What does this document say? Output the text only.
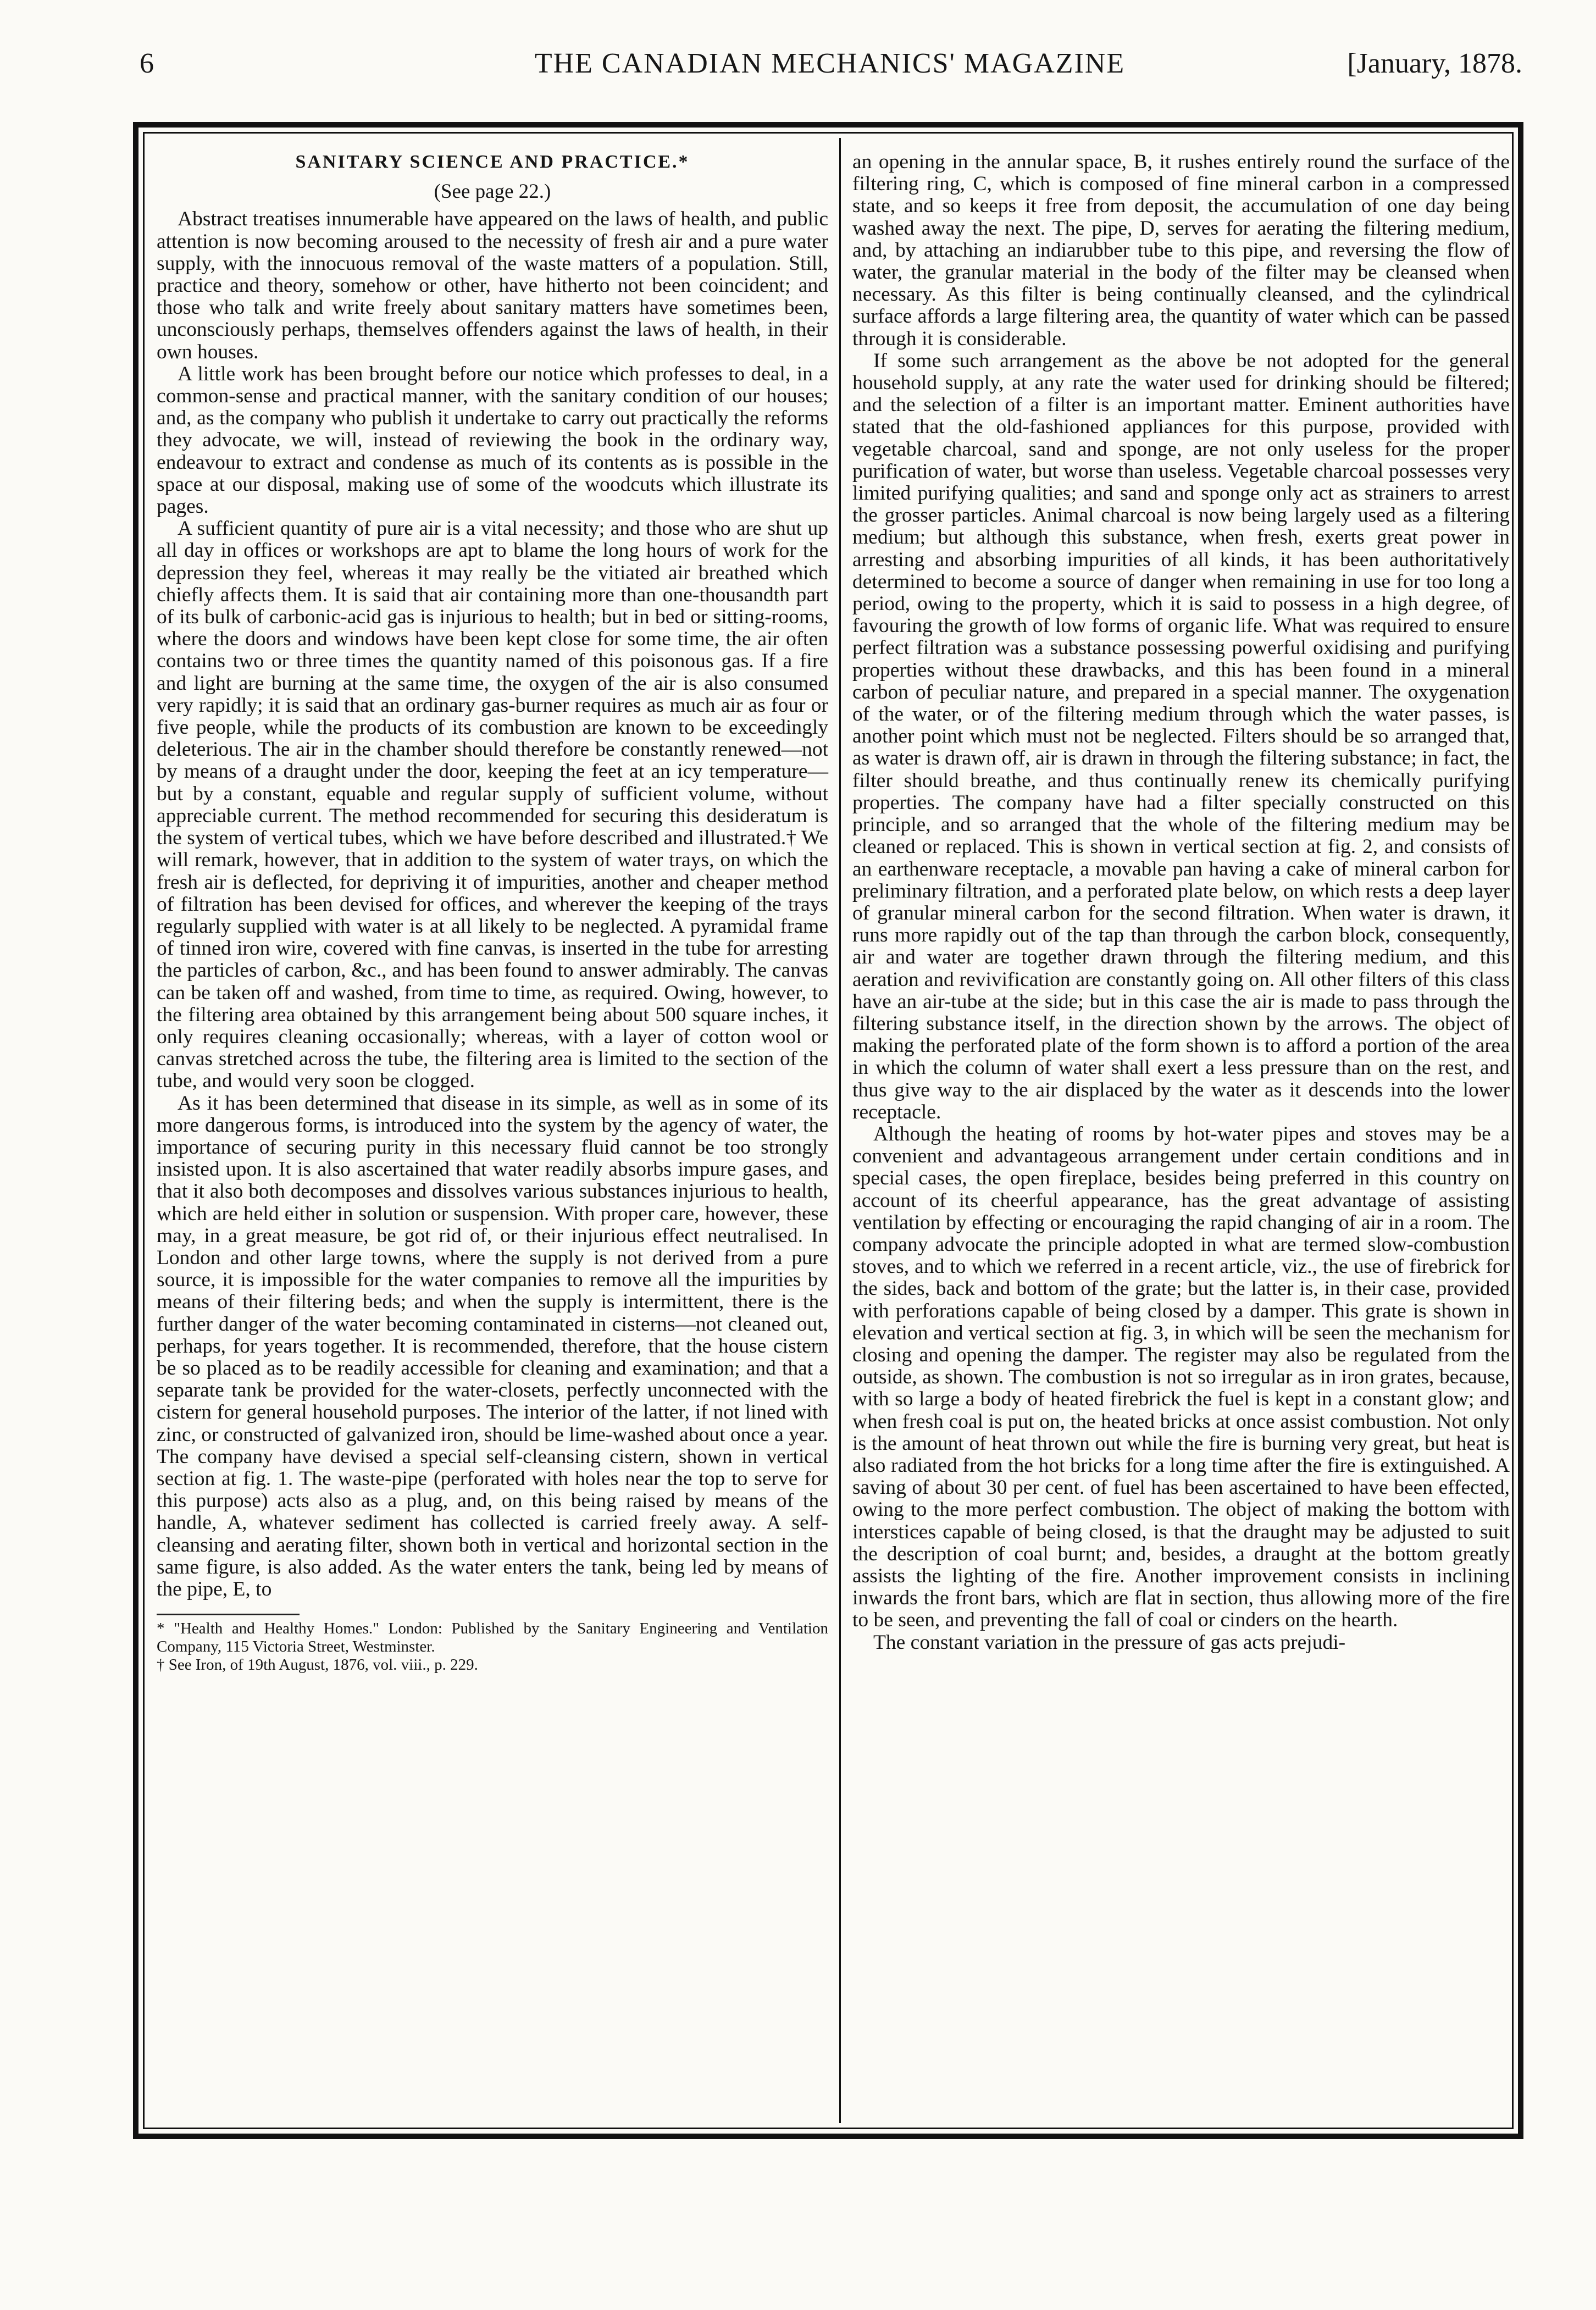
6	THE CANADIAN MECHANICS' MAGAZINE	[January, 1878.
SANITARY SCIENCE AND PRACTICE.*
(See page 22.)

Abstract treatises innumerable have appeared on the laws of health, and public attention is now becoming aroused to the necessity of fresh air and a pure water supply, with the innocuous removal of the waste matters of a population. Still, practice and theory, somehow or other, have hitherto not been coincident; and those who talk and write freely about sanitary matters have sometimes been, unconsciously perhaps, themselves offenders against the laws of health, in their own houses.

A little work has been brought before our notice which professes to deal, in a common-sense and practical manner, with the sanitary condition of our houses; and, as the company who publish it undertake to carry out practically the reforms they advocate, we will, instead of reviewing the book in the ordinary way, endeavour to extract and condense as much of its contents as is possible in the space at our disposal, making use of some of the woodcuts which illustrate its pages.

A sufficient quantity of pure air is a vital necessity; and those who are shut up all day in offices or workshops are apt to blame the long hours of work for the depression they feel, whereas it may really be the vitiated air breathed which chiefly affects them. It is said that air containing more than one-thousandth part of its bulk of carbonic-acid gas is injurious to health; but in bed or sitting-rooms, where the doors and windows have been kept close for some time, the air often contains two or three times the quantity named of this poisonous gas. If a fire and light are burning at the same time, the oxygen of the air is also consumed very rapidly; it is said that an ordinary gas-burner requires as much air as four or five people, while the products of its combustion are known to be exceedingly deleterious. The air in the chamber should therefore be constantly renewed—not by means of a draught under the door, keeping the feet at an icy temperature—but by a constant, equable and regular supply of sufficient volume, without appreciable current. The method recommended for securing this desideratum is the system of vertical tubes, which we have before described and illustrated.† We will remark, however, that in addition to the system of water trays, on which the fresh air is deflected, for depriving it of impurities, another and cheaper method of filtration has been devised for offices, and wherever the keeping of the trays regularly supplied with water is at all likely to be neglected. A pyramidal frame of tinned iron wire, covered with fine canvas, is inserted in the tube for arresting the particles of carbon, &c., and has been found to answer admirably. The canvas can be taken off and washed, from time to time, as required. Owing, however, to the filtering area obtained by this arrangement being about 500 square inches, it only requires cleaning occasionally; whereas, with a layer of cotton wool or canvas stretched across the tube, the filtering area is limited to the section of the tube, and would very soon be clogged.

As it has been determined that disease in its simple, as well as in some of its more dangerous forms, is introduced into the system by the agency of water, the importance of securing purity in this necessary fluid cannot be too strongly insisted upon. It is also ascertained that water readily absorbs impure gases, and that it also both decomposes and dissolves various substances injurious to health, which are held either in solution or suspension. With proper care, however, these may, in a great measure, be got rid of, or their injurious effect neutralised. In London and other large towns, where the supply is not derived from a pure source, it is impossible for the water companies to remove all the impurities by means of their filtering beds; and when the supply is intermittent, there is the further danger of the water becoming contaminated in cisterns—not cleaned out, perhaps, for years together. It is recommended, therefore, that the house cistern be so placed as to be readily accessible for cleaning and examination; and that a separate tank be provided for the water-closets, perfectly unconnected with the cistern for general household purposes. The interior of the latter, if not lined with zinc, or constructed of galvanized iron, should be lime-washed about once a year. The company have devised a special self-cleansing cistern, shown in vertical section at fig. 1. The waste-pipe (perforated with holes near the top to serve for this purpose) acts also as a plug, and, on this being raised by means of the handle, A, whatever sediment has collected is carried freely away. A self-cleansing and aerating filter, shown both in vertical and horizontal section in the same figure, is also added. As the water enters the tank, being led by means of the pipe, E, to

* "Health and Healthy Homes." London: Published by the Sanitary Engineering and Ventilation Company, 115 Victoria Street, Westminster.

† See Iron, of 19th August, 1876, vol. viii., p. 229.

an opening in the annular space, B, it rushes entirely round the surface of the filtering ring, C, which is composed of fine mineral carbon in a compressed state, and so keeps it free from deposit, the accumulation of one day being washed away the next. The pipe, D, serves for aerating the filtering medium, and, by attaching an indiarubber tube to this pipe, and reversing the flow of water, the granular material in the body of the filter may be cleansed when necessary. As this filter is being continually cleansed, and the cylindrical surface affords a large filtering area, the quantity of water which can be passed through it is considerable.

If some such arrangement as the above be not adopted for the general household supply, at any rate the water used for drinking should be filtered; and the selection of a filter is an important matter. Eminent authorities have stated that the old-fashioned appliances for this purpose, provided with vegetable charcoal, sand and sponge, are not only useless for the proper purification of water, but worse than useless. Vegetable charcoal possesses very limited purifying qualities; and sand and sponge only act as strainers to arrest the grosser particles. Animal charcoal is now being largely used as a filtering medium; but although this substance, when fresh, exerts great power in arresting and absorbing impurities of all kinds, it has been authoritatively determined to become a source of danger when remaining in use for too long a period, owing to the property, which it is said to possess in a high degree, of favouring the growth of low forms of organic life. What was required to ensure perfect filtration was a substance possessing powerful oxidising and purifying properties without these drawbacks, and this has been found in a mineral carbon of peculiar nature, and prepared in a special manner. The oxygenation of the water, or of the filtering medium through which the water passes, is another point which must not be neglected. Filters should be so arranged that, as water is drawn off, air is drawn in through the filtering substance; in fact, the filter should breathe, and thus continually renew its chemically purifying properties. The company have had a filter specially constructed on this principle, and so arranged that the whole of the filtering medium may be cleaned or replaced. This is shown in vertical section at fig. 2, and consists of an earthenware receptacle, a movable pan having a cake of mineral carbon for preliminary filtration, and a perforated plate below, on which rests a deep layer of granular mineral carbon for the second filtration. When water is drawn, it runs more rapidly out of the tap than through the carbon block, consequently, air and water are together drawn through the filtering medium, and this aeration and revivification are constantly going on. All other filters of this class have an air-tube at the side; but in this case the air is made to pass through the filtering substance itself, in the direction shown by the arrows. The object of making the perforated plate of the form shown is to afford a portion of the area in which the column of water shall exert a less pressure than on the rest, and thus give way to the air displaced by the water as it descends into the lower receptacle.

Although the heating of rooms by hot-water pipes and stoves may be a convenient and advantageous arrangement under certain conditions and in special cases, the open fireplace, besides being preferred in this country on account of its cheerful appearance, has the great advantage of assisting ventilation by effecting or encouraging the rapid changing of air in a room. The company advocate the principle adopted in what are termed slow-combustion stoves, and to which we referred in a recent article, viz., the use of firebrick for the sides, back and bottom of the grate; but the latter is, in their case, provided with perforations capable of being closed by a damper. This grate is shown in elevation and vertical section at fig. 3, in which will be seen the mechanism for closing and opening the damper. The register may also be regulated from the outside, as shown. The combustion is not so irregular as in iron grates, because, with so large a body of heated firebrick the fuel is kept in a constant glow; and when fresh coal is put on, the heated bricks at once assist combustion. Not only is the amount of heat thrown out while the fire is burning very great, but heat is also radiated from the hot bricks for a long time after the fire is extinguished. A saving of about 30 per cent. of fuel has been ascertained to have been effected, owing to the more perfect combustion. The object of making the bottom with interstices capable of being closed, is that the draught may be adjusted to suit the description of coal burnt; and, besides, a draught at the bottom greatly assists the lighting of the fire. Another improvement consists in inclining inwards the front bars, which are flat in section, thus allowing more of the fire to be seen, and preventing the fall of coal or cinders on the hearth.

The constant variation in the pressure of gas acts prejudi-
